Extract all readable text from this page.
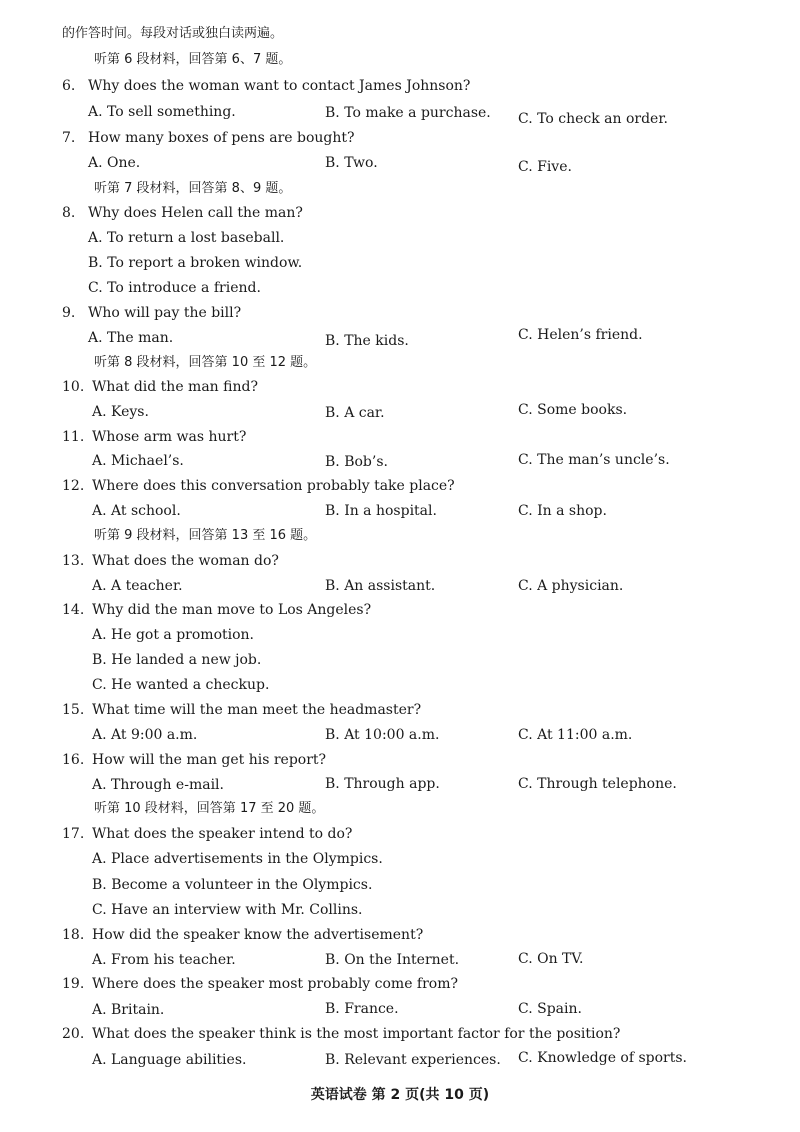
的作答时间。每段对话或独白读两遍。
听第 6 段材料，回答第 6、7 题。
6. Why does the woman want to contact James Johnson?
A. To sell something.	B. To make a purchase. C. To check an order.
7. How many boxes of pens are bought?
A. One.	B. Two.	C. Five.
听第 7 段材料，回答第 8、9 题。
8. Why does Helen call the man?
A. To return a lost baseball.
B. To report a broken window.
C. To introduce a friend.
9. Who will pay the bill?
A. The man.	B. The kids.	C. Helen’s friend.
听第 8 段材料，回答第 10 至 12 题。
10. What did the man find?
A. Keys.	B. A car.	C. Some books.
11. Whose arm was hurt?
A. Michael’s.	B. Bob’s.	C. The man’s uncle’s.
12. Where does this conversation probably take place?
A. At school.	B. In a hospital.	C. In a shop.
听第 9 段材料，回答第 13 至 16 题。
13. What does the woman do?
A. A teacher.	B. An assistant.	C. A physician.
14. Why did the man move to Los Angeles?
A. He got a promotion.
B. He landed a new job.
C. He wanted a checkup.
15. What time will the man meet the headmaster?
A. At 9:00 a.m.	B. At 10:00 a.m.	C. At 11:00 a.m.
16. How will the man get his report?
A. Through e-mail.	B. Through app.	C. Through telephone.
听第 10 段材料，回答第 17 至 20 题。
17. What does the speaker intend to do?
A. Place advertisements in the Olympics.
B. Become a volunteer in the Olympics.
C. Have an interview with Mr. Collins.
18. How did the speaker know the advertisement?
A. From his teacher.	B. On the Internet.	C. On TV.
19. Where does the speaker most probably come from?
A. Britain.	B. France.	C. Spain.
20. What does the speaker think is the most important factor for the position?
A. Language abilities.	B. Relevant experiences. C. Knowledge of sports.
英语试卷 第 2 页(共 10 页)
